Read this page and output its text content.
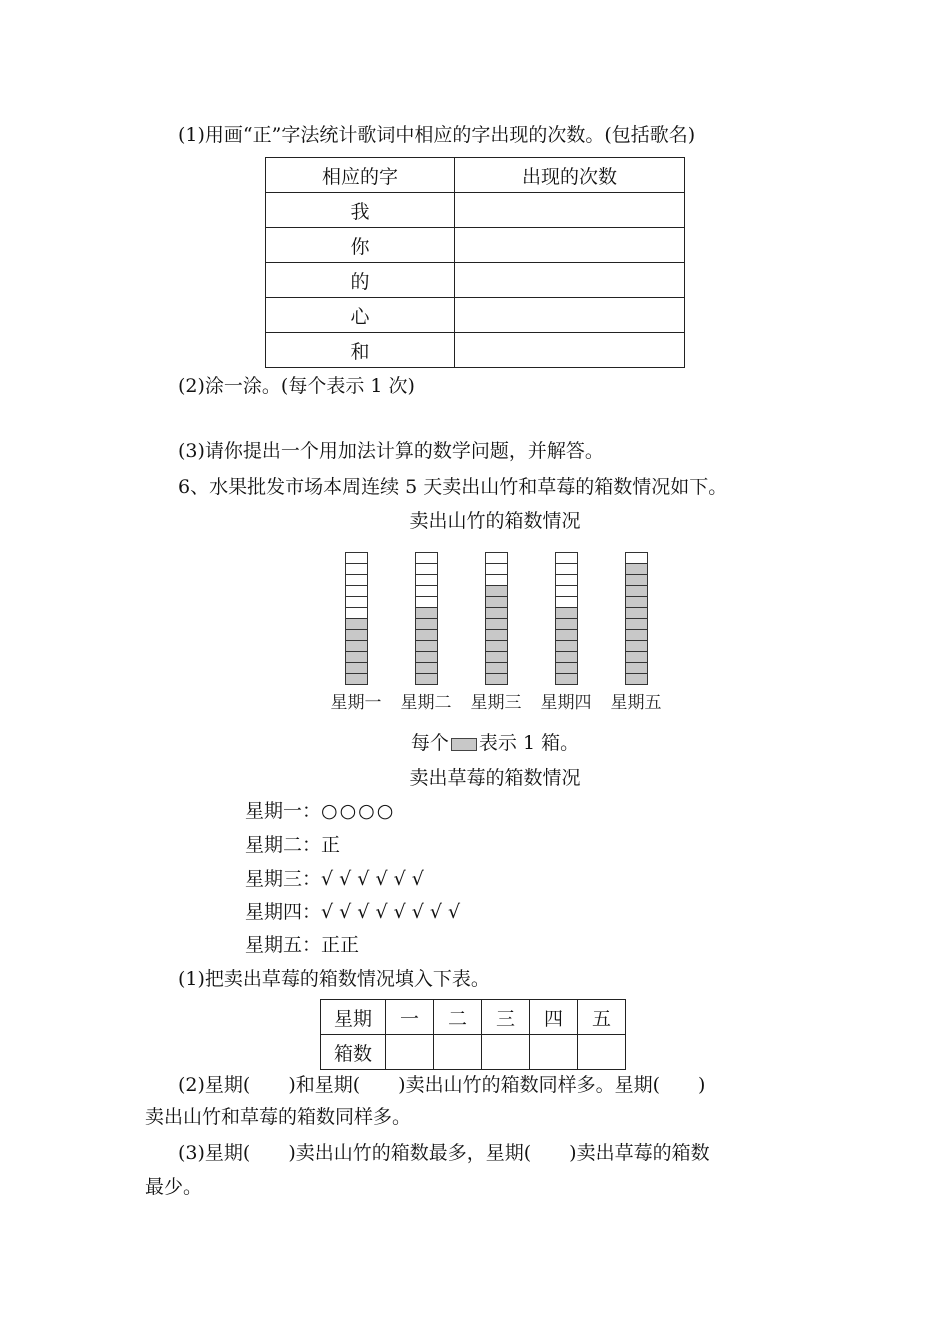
(1)用画“正”字法统计歌词中相应的字出现的次数。(包括歌名)
相应的字	出现的次数
我	
你	
的	
心	
和	
(2)涂一涂。(每个表示 1 次)
(3)请你提出一个用加法计算的数学问题，并解答。
6、水果批发市场本周连续 5 天卖出山竹和草莓的箱数情况如下。
卖出山竹的箱数情况
星期一 星期二 星期三 星期四 星期五
每个 表示 1 箱。
卖出草莓的箱数情况
星期一：○○○○
星期二：正
星期三：√ √ √ √ √ √
星期四：√ √ √ √ √ √ √ √
星期五：正正
(1)把卖出草莓的箱数情况填入下表。
星期	一	二	三	四	五
箱数					
(2)星期(　　)和星期(　　)卖出山竹的箱数同样多。星期(　　)
卖出山竹和草莓的箱数同样多。
(3)星期(　　)卖出山竹的箱数最多，星期(　　)卖出草莓的箱数
最少。
